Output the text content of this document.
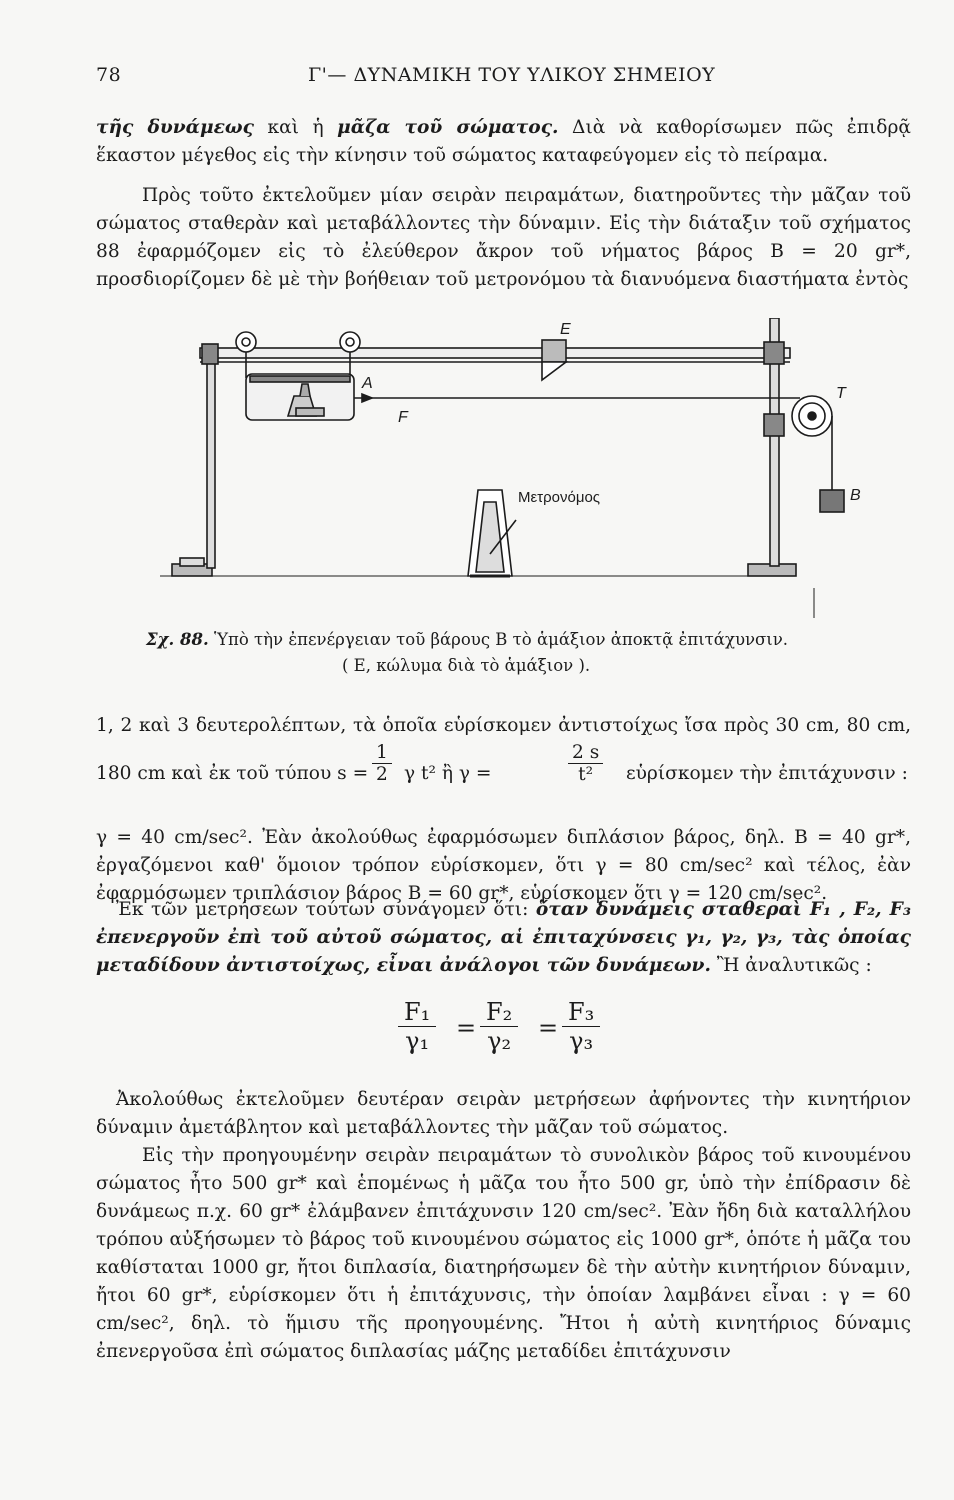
78	Γ'— ΔΥΝΑΜΙΚΗ ΤΟΥ ΥΛΙΚΟΥ ΣΗΜΕΙΟΥ
τῆς δυνάμεως καὶ ἡ μᾶζα τοῦ σώματος. Διὰ νὰ καθορίσωμεν πῶς ἐπιδρᾷ ἕκαστον μέγεθος εἰς τὴν κίνησιν τοῦ σώματος καταφεύγομεν εἰς τὸ πείραμα.
Πρὸς τοῦτο ἐκτελοῦμεν μίαν σειρὰν πειραμάτων, διατηροῦντες τὴν μᾶζαν τοῦ σώματος σταθερὰν καὶ μεταβάλλοντες τὴν δύναμιν. Εἰς τὴν διάταξιν τοῦ σχήματος 88 ἐφαρμόζομεν εἰς τὸ ἐλεύθερον ἄκρον τοῦ νήματος βάρος Β = 20 gr*, προσδιορίζομεν δὲ μὲ τὴν βοήθειαν τοῦ μετρονόμου τὰ διανυόμενα διαστήματα ἐντὸς
E
A
F
T
B
Μετρονόμος
Σχ. 88. Ὑπὸ τὴν ἐπενέργειαν τοῦ βάρους Β τὸ ἁμάξιον ἀποκτᾷ ἐπιτάχυνσιν.
( Ε, κώλυμα διὰ τὸ ἁμάξιον ).
1, 2 καὶ 3 δευτερολέπτων, τὰ ὁποῖα εὑρίσκομεν ἀντιστοίχως ἴσα πρὸς 30 cm, 80 cm,
180 cm καὶ ἐκ τοῦ τύπου $s = \frac{1}{2}$ γ t² ἢ γ =	$\frac{2 s}{\text{t²}}$ εὑρίσκομεν τὴν ἐπιτάχυνσιν :
γ = 40 cm/sec². Ἐὰν ἀκολούθως ἐφαρμόσωμεν διπλάσιον βάρος, δηλ. Β = 40 gr*, ἐργαζόμενοι καθ' ὅμοιον τρόπον εὑρίσκομεν, ὅτι γ = 80 cm/sec² καὶ τέλος, ἐὰν ἐφαρμόσωμεν τριπλάσιον βάρος Β = 60 gr*, εὑρίσκομεν ὅτι γ = 120 cm/sec².
Ἐκ τῶν μετρήσεων τούτων συνάγομεν ὅτι: ὅταν δυνάμεις σταθεραὶ F₁ , F₂, F₃ ἐπενεργοῦν ἐπὶ τοῦ αὐτοῦ σώματος, αἱ ἐπιταχύνσεις γ₁, γ₂, γ₃, τὰς ὁποίας μεταδίδουν ἀντιστοίχως, εἶναι ἀνάλογοι τῶν δυνάμεων. Ἢ ἀναλυτικῶς :
$\frac{\text{F₁}}{\text{γ₁}} = \frac{\text{F₂}}{\text{γ₂}} = \frac{\text{F₃}}{\text{γ₃}}$
Ἀκολούθως ἐκτελοῦμεν δευτέραν σειρὰν μετρήσεων ἀφήνοντες τὴν κινητήριον δύναμιν ἀμετάβλητον καὶ μεταβάλλοντες τὴν μᾶζαν τοῦ σώματος.
Εἰς τὴν προηγουμένην σειρὰν πειραμάτων τὸ συνολικὸν βάρος τοῦ κινουμένου σώματος ἦτο 500 gr* καὶ ἑπομένως ἡ μᾶζα του ἦτο 500 gr, ὑπὸ τὴν ἐπίδρασιν δὲ δυνάμεως π.χ. 60 gr* ἐλάμβανεν ἐπιτάχυνσιν 120 cm/sec². Ἐὰν ἤδη διὰ καταλλήλου τρόπου αὐξήσωμεν τὸ βάρος τοῦ κινουμένου σώματος εἰς 1000 gr*, ὁπότε ἡ μᾶζα του καθίσταται 1000 gr, ἤτοι διπλασία, διατηρήσωμεν δὲ τὴν αὐτὴν κινητήριον δύναμιν, ἤτοι 60 gr*, εὑρίσκομεν ὅτι ἡ ἐπιτάχυνσις, τὴν ὁποίαν λαμβάνει εἶναι : γ = 60 cm/sec², δηλ. τὸ ἥμισυ τῆς προηγουμένης. Ἤτοι ἡ αὐτὴ κινητήριος δύναμις ἐπενεργοῦσα ἐπὶ σώματος διπλασίας μάζης μεταδίδει ἐπιτάχυνσιν
